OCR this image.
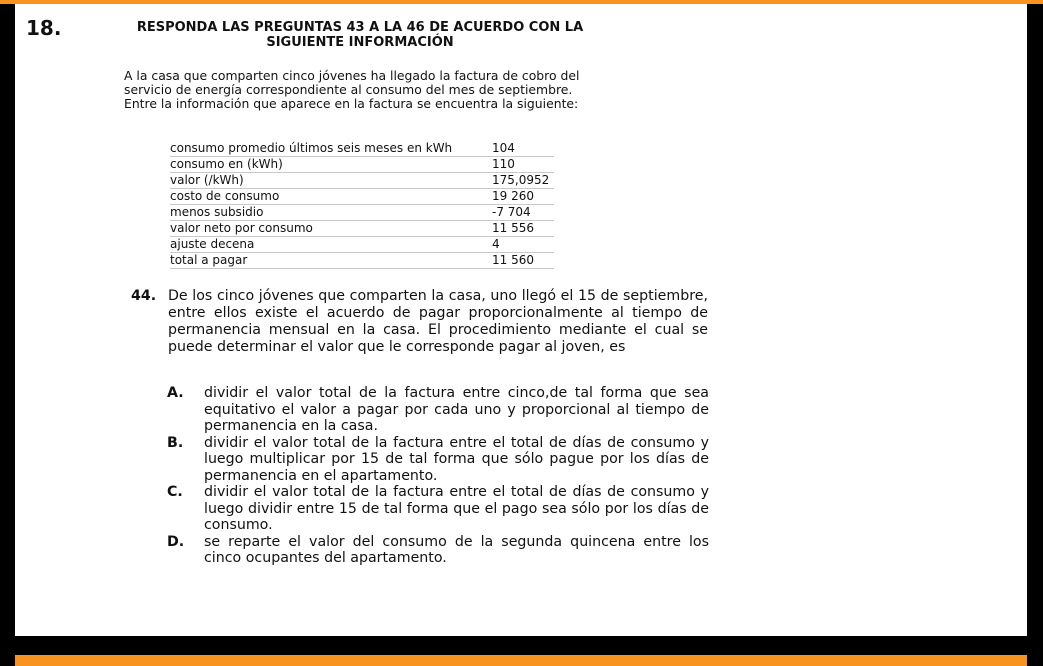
18.	RESPONDA LAS PREGUNTAS 43 A LA 46 DE ACUERDO CON LA
SIGUIENTE INFORMACIÓN
A la casa que comparten cinco jóvenes ha llegado la factura de cobro del
servicio de energía correspondiente al consumo del mes de septiembre.
Entre la información que aparece en la factura se encuentra la siguiente:
consumo promedio últimos seis meses en kWh	104
consumo en (kWh)	110
valor (/kWh)	175,0952
costo de consumo	19 260
menos subsidio	-7 704
valor neto por consumo	11 556
ajuste decena	4
total a pagar	11 560
44. De los cinco jóvenes que comparten la casa, uno llegó el 15 de septiembre, entre ellos existe el acuerdo de pagar proporcionalmente al tiempo de permanencia mensual en la casa. El procedimiento mediante el cual se puede determinar el valor que le corresponde pagar al joven, es
A. dividir el valor total de la factura entre cinco,de tal forma que sea equitativo el valor a pagar por cada uno y proporcional al tiempo de permanencia en la casa.
B. dividir el valor total de la factura entre el total de días de consumo y luego multiplicar por 15 de tal forma que sólo pague por los días de permanencia en el apartamento.
C. dividir el valor total de la factura entre el total de días de consumo y luego dividir entre 15 de tal forma que el pago sea sólo por los días de consumo.
D. se reparte el valor del consumo de la segunda quincena entre los cinco ocupantes del apartamento.
